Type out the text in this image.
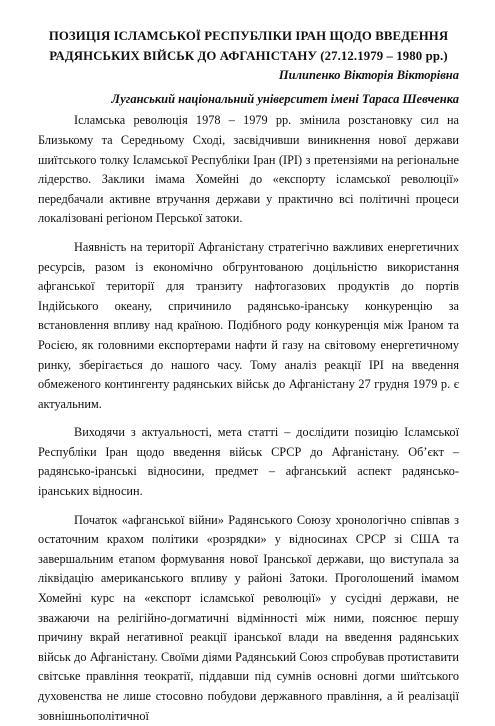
ПОЗИЦІЯ ІСЛАМСЬКОЇ РЕСПУБЛІКИ ІРАН ЩОДО ВВЕДЕННЯ
РАДЯНСЬКИХ ВІЙСЬК ДО АФГАНІСТАНУ (27.12.1979 – 1980 рр.)

Пилипенко Вікторія Вікторівна

Луганський національний університет імені Тараса Шевченка

Ісламська революція 1978 – 1979 рр. змінила розстановку сил на Близькому та Середньому Сході, засвідчивши виникнення нової держави шиїтського толку Ісламської Республіки Іран (ІРІ) з претензіями на регіональне лідерство. Заклики імама Хомейні до «експорту ісламської революції» передбачали активне втручання держави у практично всі політичні процеси локалізовані регіоном Перської затоки.

Наявність на території Афганістану стратегічно важливих енергетичних ресурсів, разом із економічно обгрунтованою доцільністю використання афганської території для транзиту нафтогазових продуктів до портів Індійського океану, спричинило радянсько-іранську конкуренцію за встановлення впливу над країною. Подібного роду конкуренція між Іраном та Росією, як головними експортерами нафти й газу на світовому енергетичному ринку, зберігається до нашого часу. Тому аналіз реакції ІРІ на введення обмеженого контингенту радянських військ до Афганістану 27 грудня 1979 р. є актуальним.

Виходячи з актуальності, мета статті – дослідити позицію Ісламської Республіки Іран щодо введення військ СРСР до Афганістану. Об’єкт – радянсько-іранські відносини, предмет – афганський аспект радянсько-іранських відносин.

Початок «афганської війни» Радянського Союзу хронологічно співпав з остаточним крахом політики «розрядки» у відносинах СРСР зі США та завершальним етапом формування нової Іранської держави, що виступала за ліквідацію американського впливу у районі Затоки. Проголошений імамом Хомейні курс на «експорт ісламської революції» у сусідні держави, не зважаючи на релігійно-догматичні відмінності між ними, пояснює першу причину вкрай негативної реакції іранської влади на введення радянських військ до Афганістану. Своїми діями Радянський Союз спробував протиставити світське правління теократії, піддавши під сумнів основні догми шиїтського духовенства не лише стосовно побудови державного правління, а й реалізації зовнішньополітичної
